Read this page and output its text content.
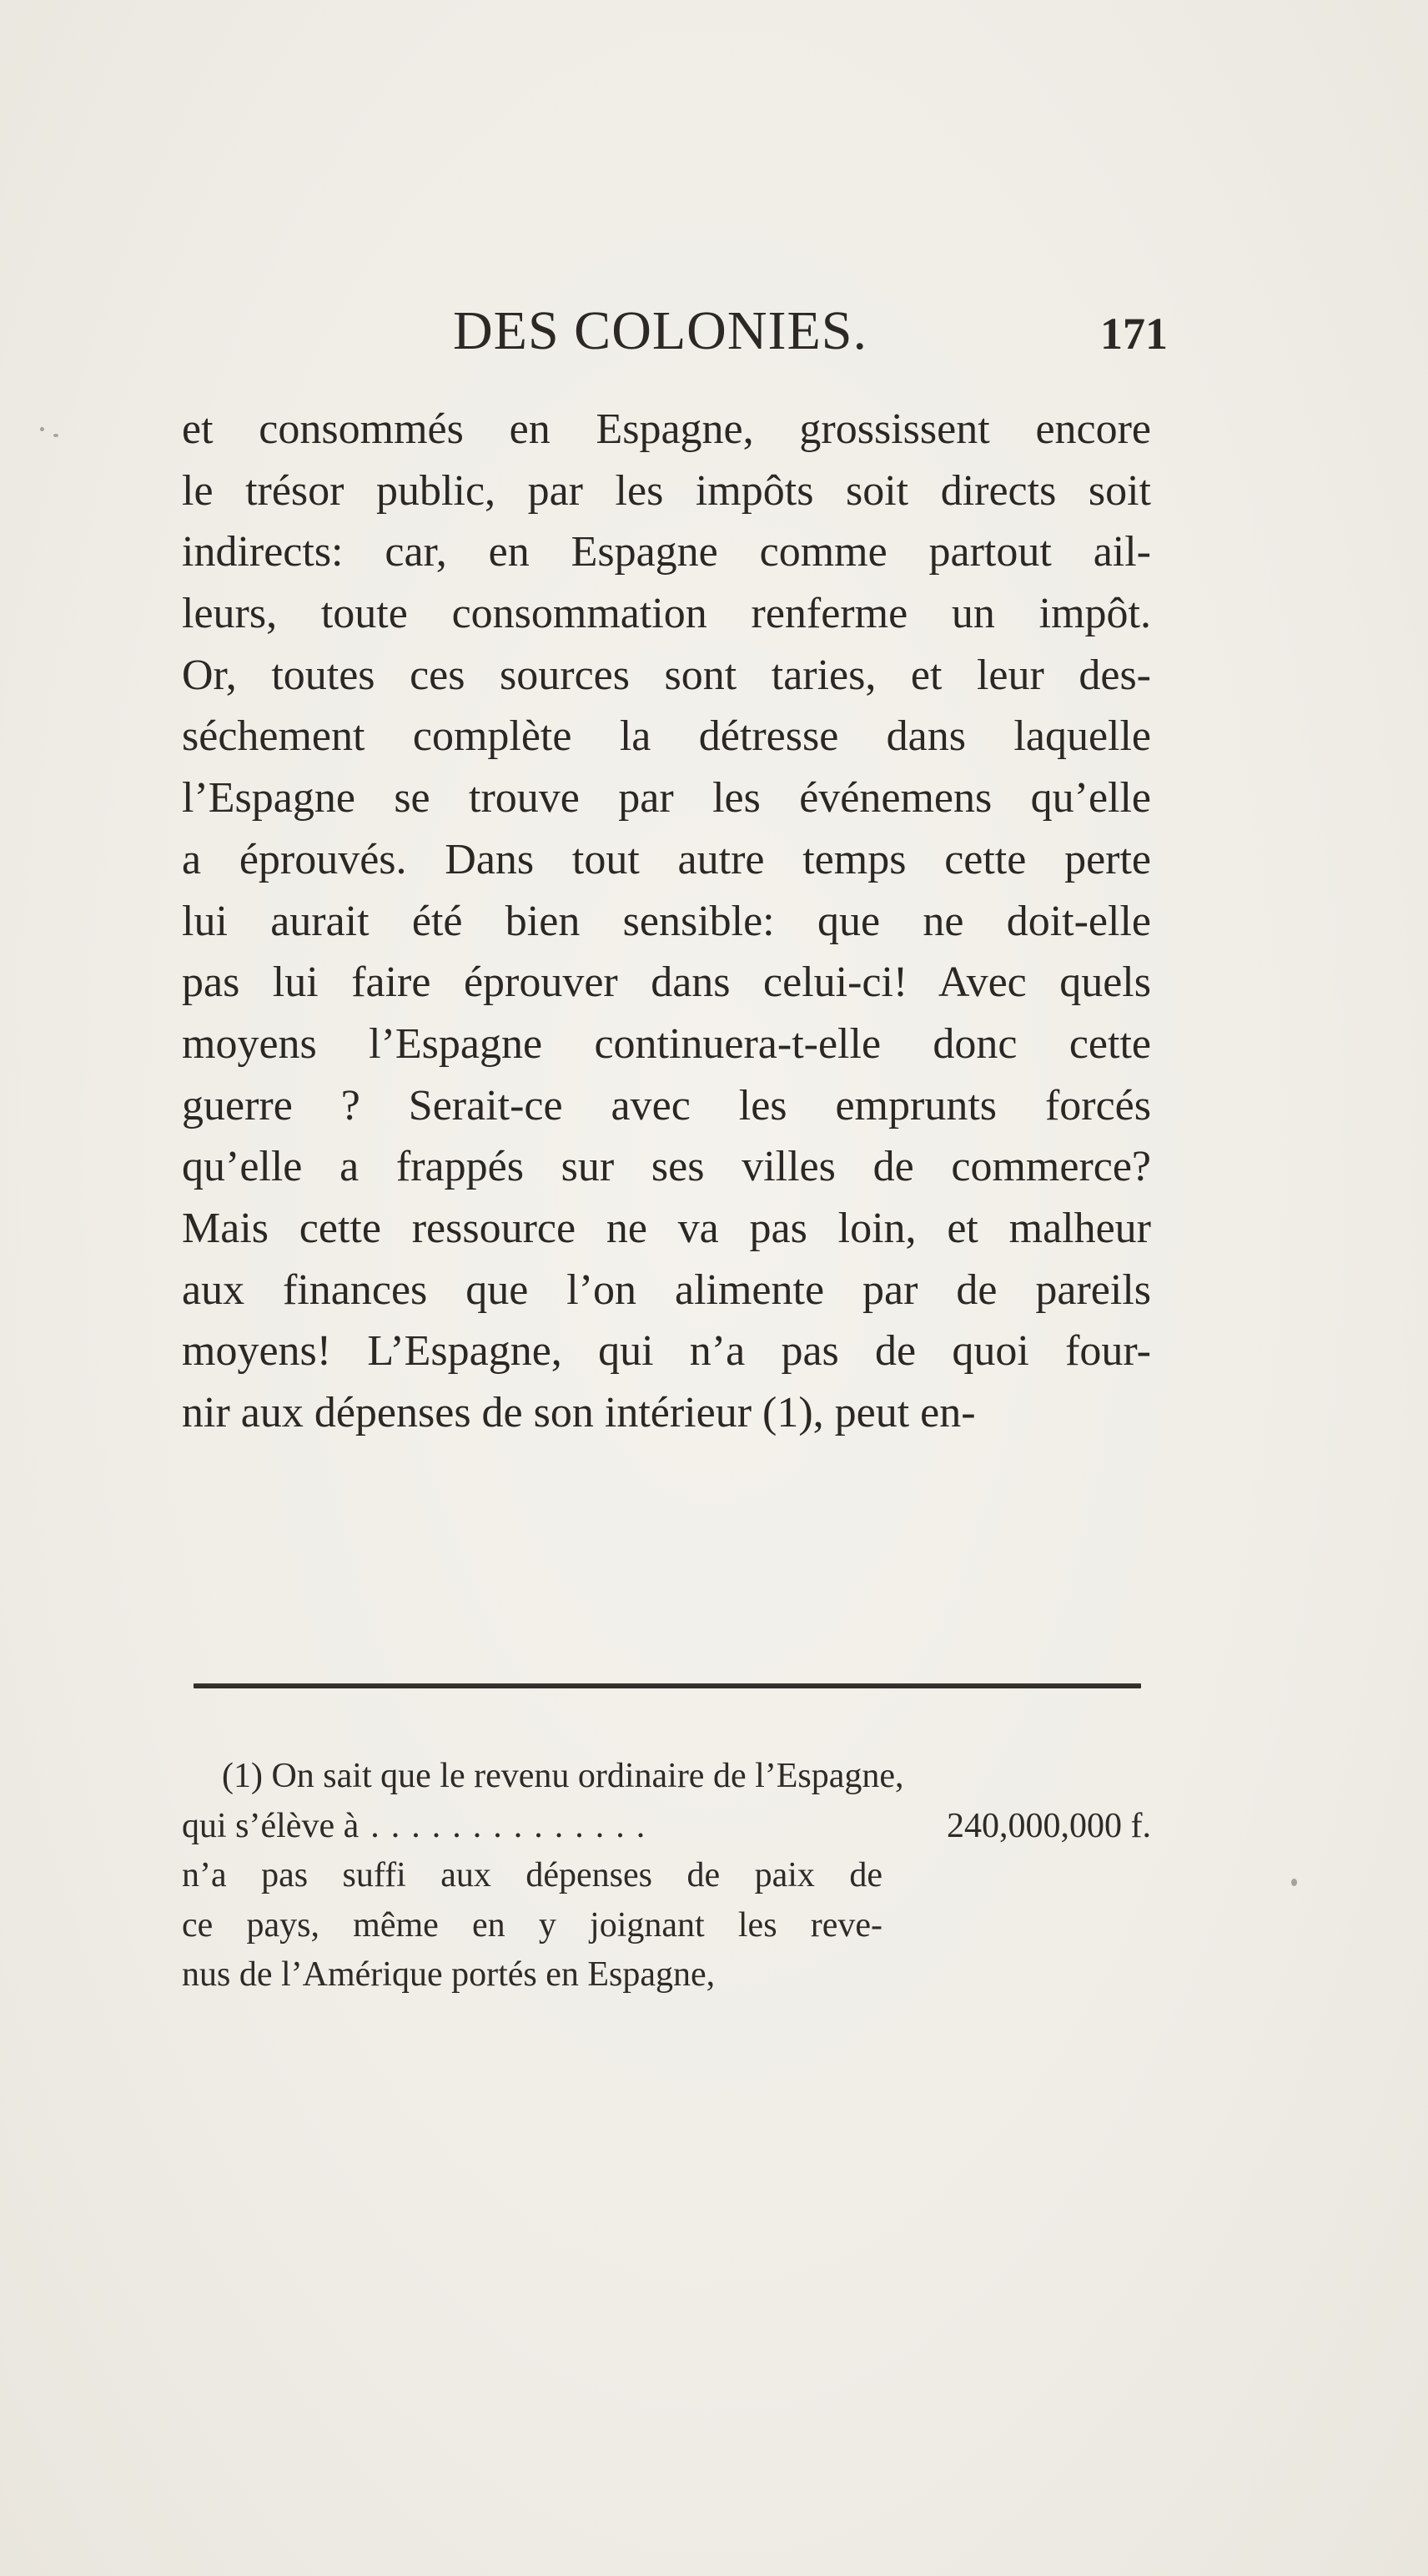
DES COLONIES.	171
et consommés en Espagne, grossissent encore
le trésor public, par les impôts soit directs soit
indirects: car, en Espagne comme partout ail-
leurs, toute consommation renferme un impôt.
Or, toutes ces sources sont taries, et leur des-
séchement complète la détresse dans laquelle
l’Espagne se trouve par les événemens qu’elle
a éprouvés. Dans tout autre temps cette perte
lui aurait été bien sensible: que ne doit-elle
pas lui faire éprouver dans celui-ci! Avec quels
moyens l’Espagne continuera-t-elle donc cette
guerre ? Serait-ce avec les emprunts forcés
qu’elle a frappés sur ses villes de commerce?
Mais cette ressource ne va pas loin, et malheur
aux finances que l’on alimente par de pareils
moyens! L’Espagne, qui n’a pas de quoi four-
nir aux dépenses de son intérieur (1), peut en-
(1) On sait que le revenu ordinaire de l’Espagne,
qui s’élève à ..............	240,000,000 f.
n’a pas suffi aux dépenses de paix de
ce pays, même en y joignant les reve-
nus de l’Amérique portés en Espagne,
